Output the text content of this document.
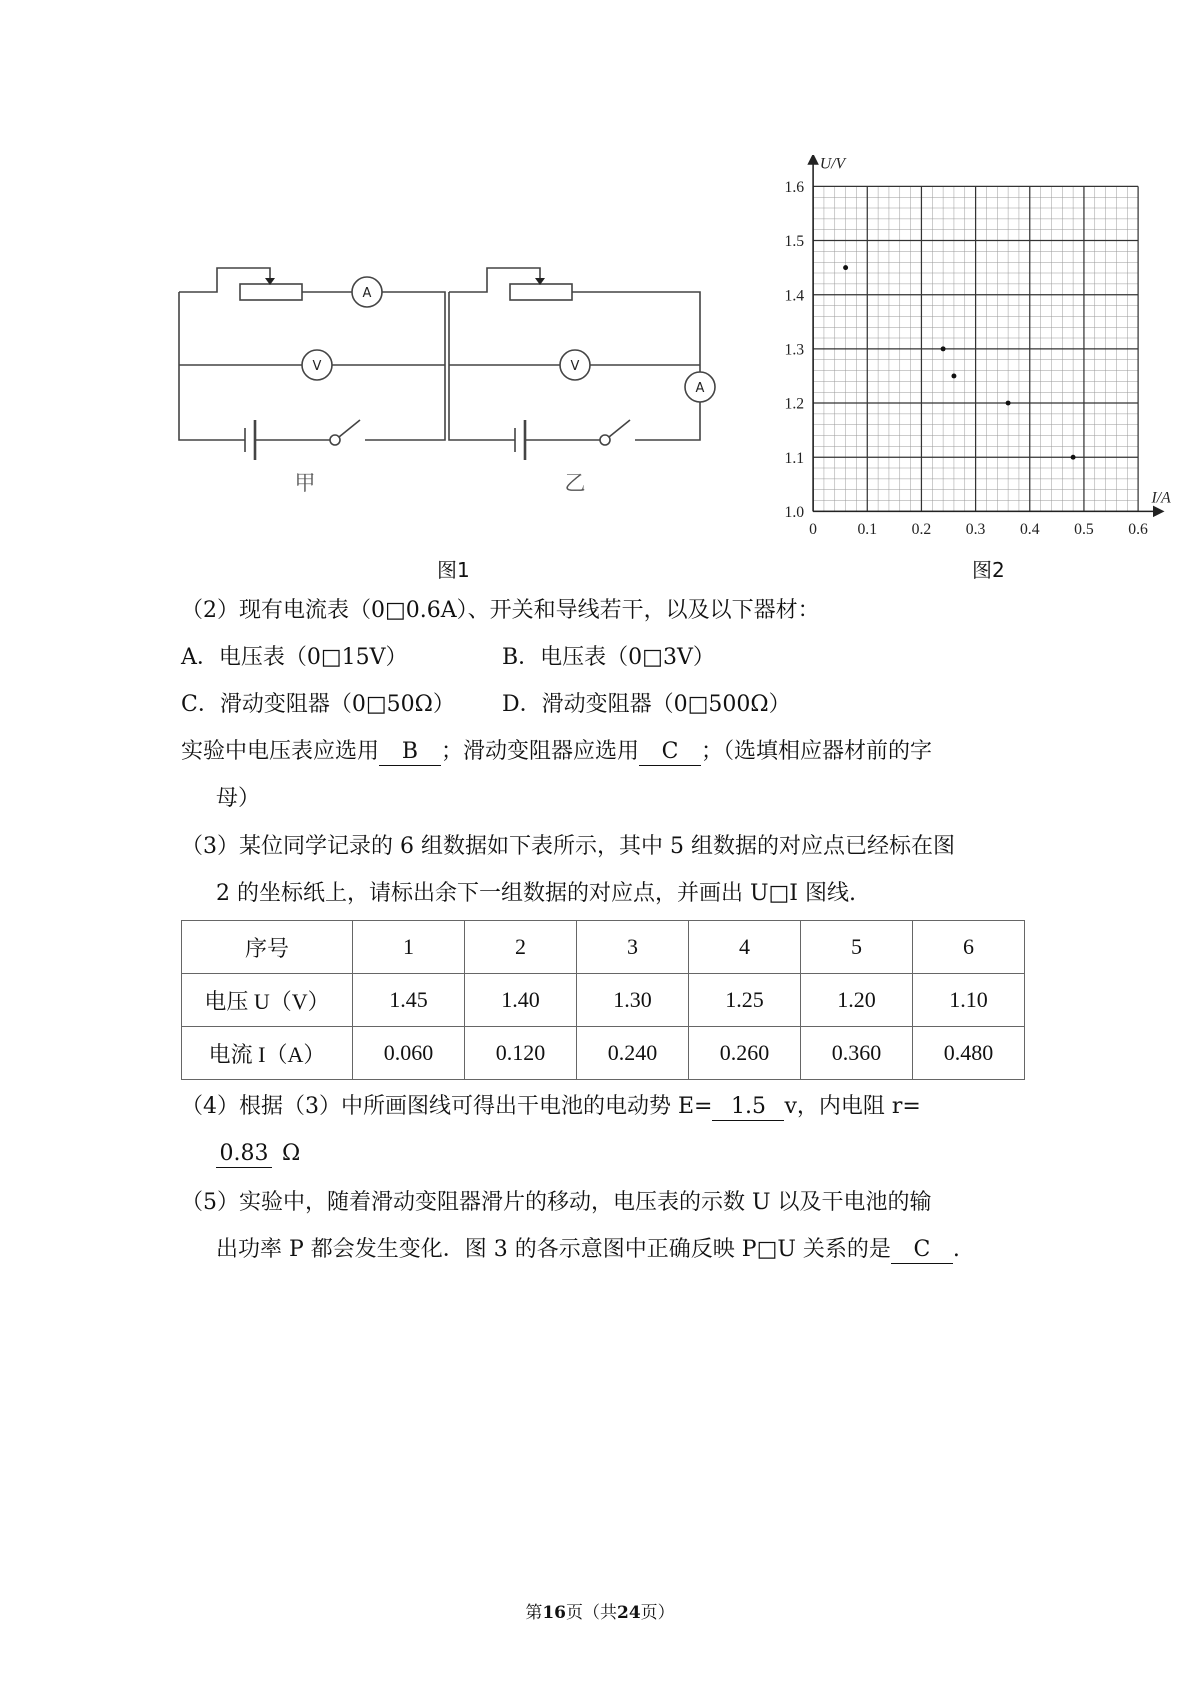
A
V	V
A
甲	乙
图1
0	0.1 0.2 0.3 0.4 0.5 0.6
1.0
1.1
1.2
1.3
1.4
1.5
1.6
U/V
I/A
图2
（2）现有电流表（0□0.6A）、开关和导线若干，以及以下器材：
A．电压表（0□15V）	B．电压表（0□3V）
C．滑动变阻器（0□50Ω） D．滑动变阻器（0□500Ω）
实验中电压表应选用 B ；滑动变阻器应选用 C ；（选填相应器材前的字
母）
（3）某位同学记录的 6 组数据如下表所示，其中 5 组数据的对应点已经标在图
2 的坐标纸上，请标出余下一组数据的对应点，并画出 U□I 图线.
序号	1	2	3	4	5	6
电压 U（V）	1.45	1.40	1.30	1.25	1.20	1.10
电流 I（A）	0.060	0.120	0.240	0.260	0.360	0.480
（4）根据（3）中所画图线可得出干电池的电动势 E= 1.5 v，内电阻 r=
0.83 Ω
（5）实验中，随着滑动变阻器滑片的移动，电压表的示数 U 以及干电池的输
出功率 P 都会发生变化．图 3 的各示意图中正确反映 P□U 关系的是 C .
第16页（共24页）
